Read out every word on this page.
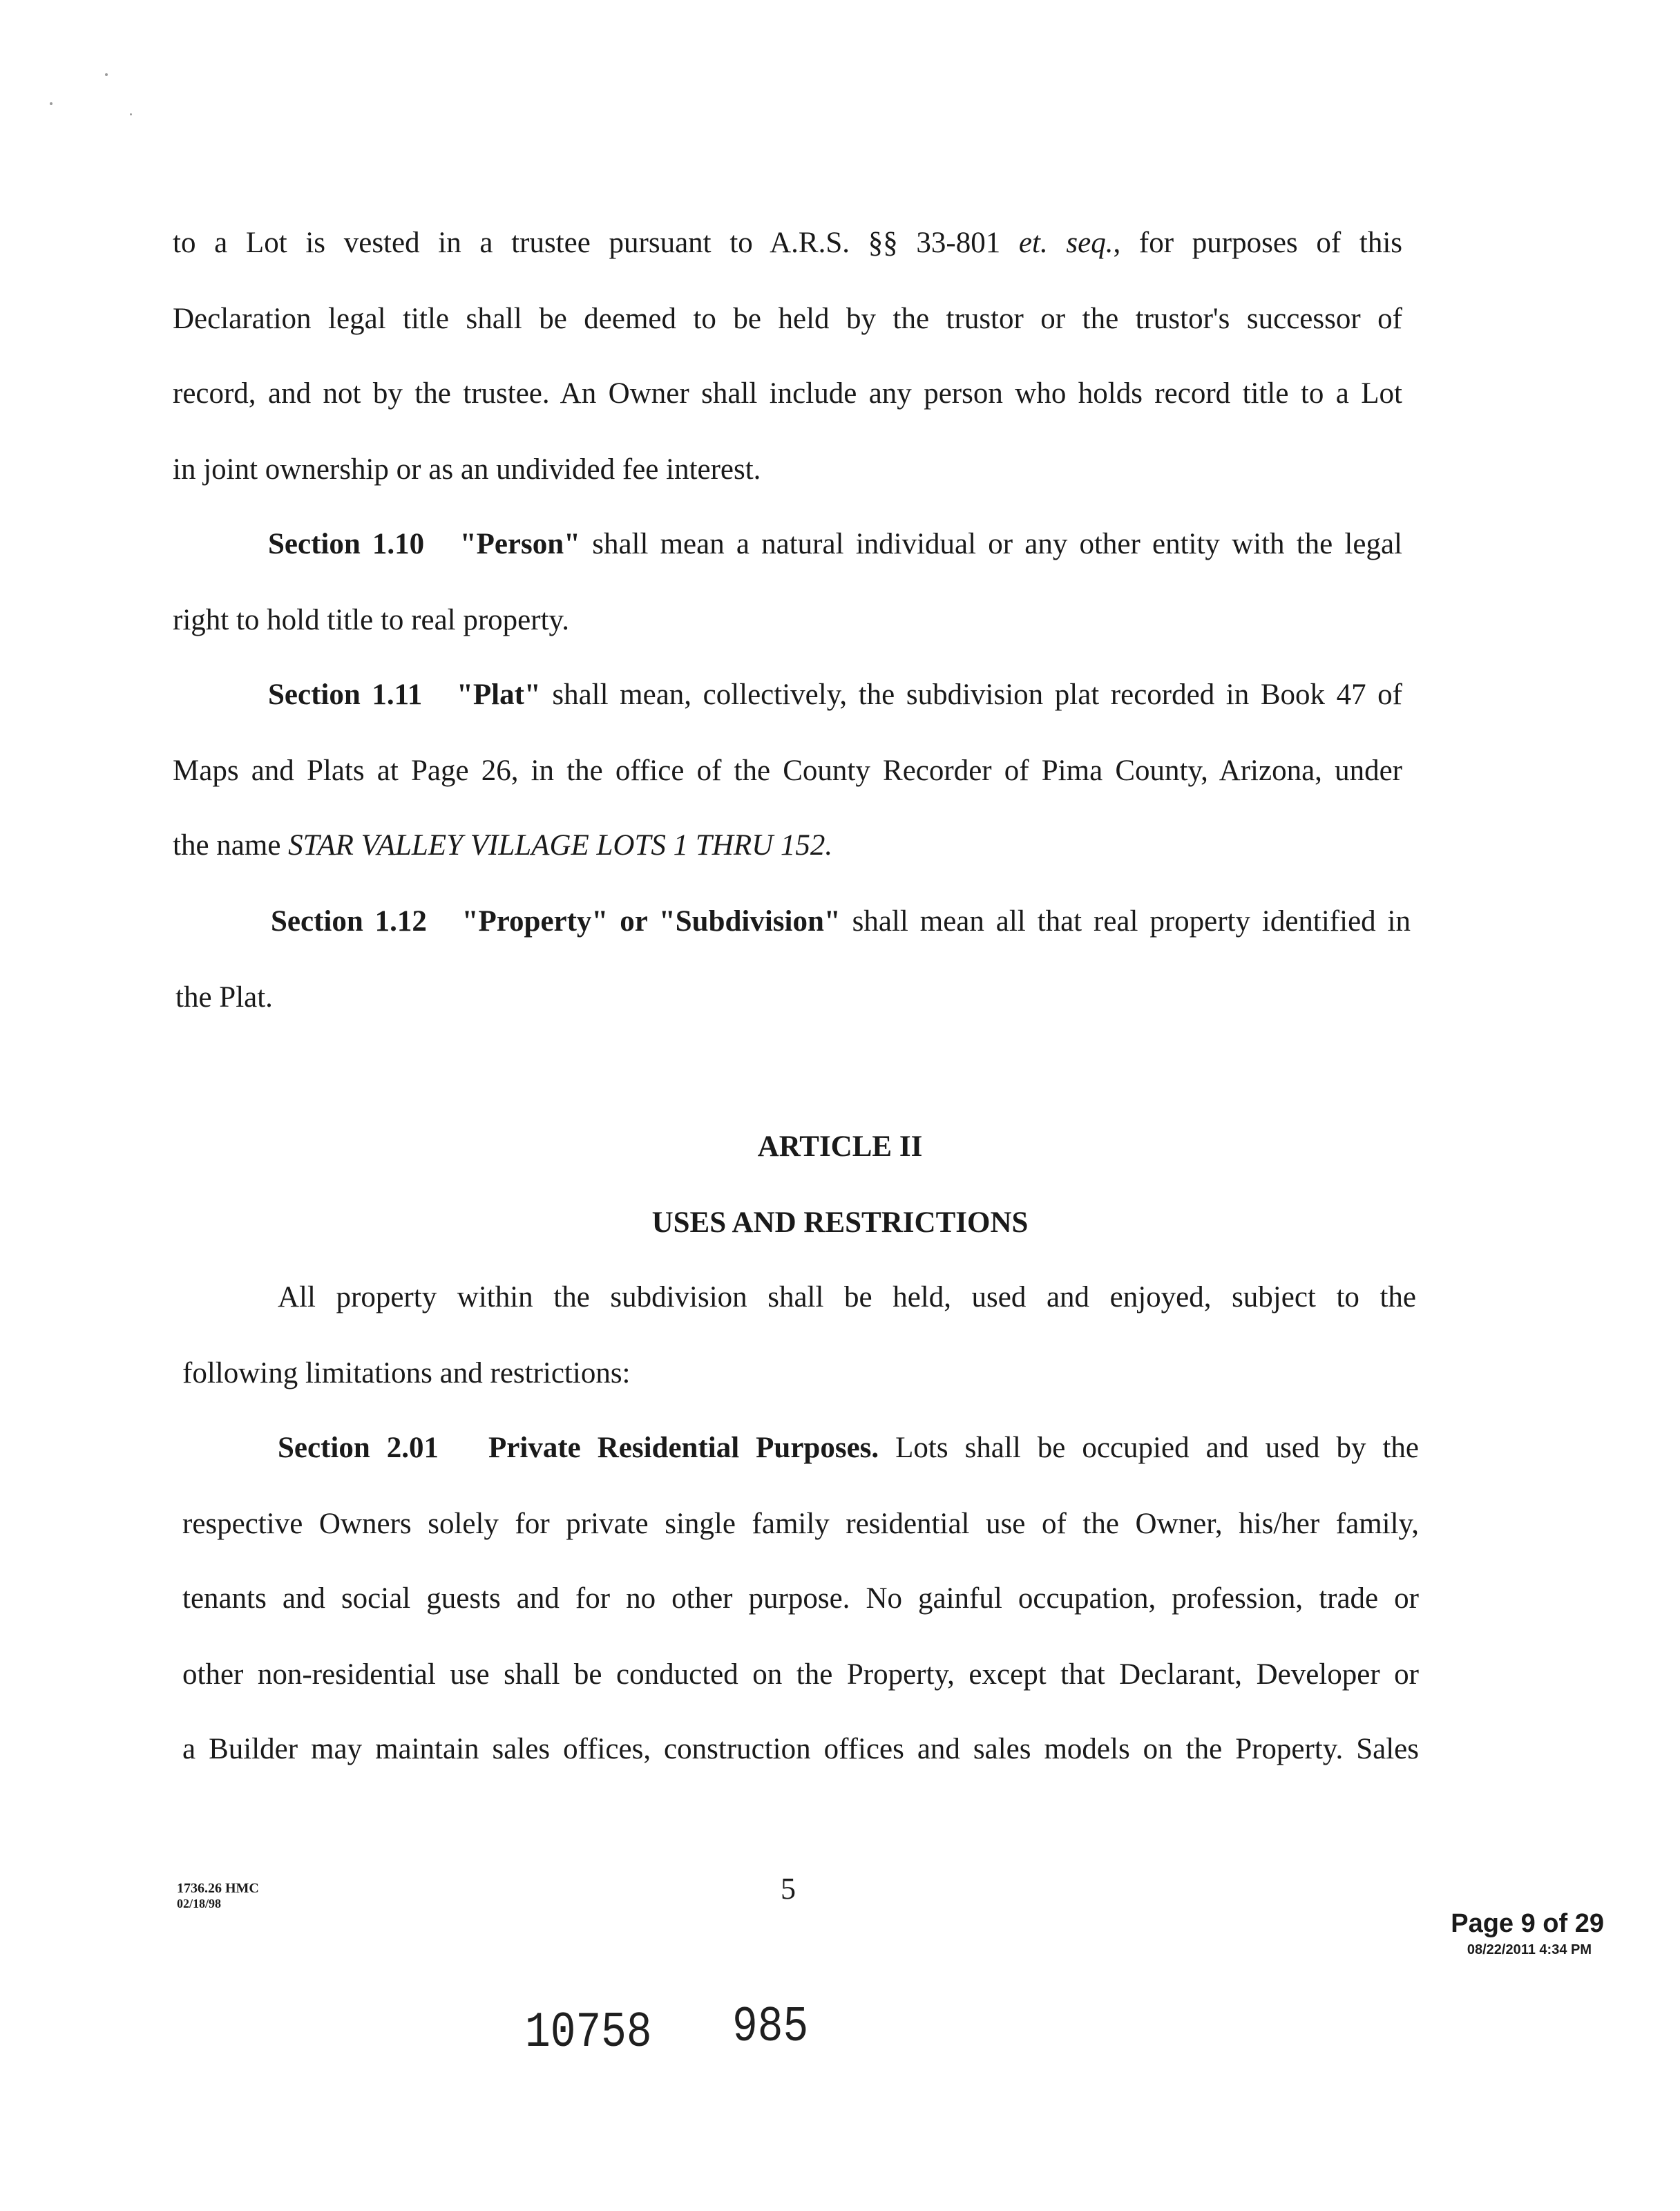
to a Lot is vested in a trustee pursuant to A.R.S. §§ 33-801 et. seq., for purposes of this
Declaration legal title shall be deemed to be held by the trustor or the trustor's successor of
record, and not by the trustee. An Owner shall include any person who holds record title to a Lot
in joint ownership or as an undivided fee interest.
Section 1.10 "Person" shall mean a natural individual or any other entity with the legal
right to hold title to real property.
Section 1.11 "Plat" shall mean, collectively, the subdivision plat recorded in Book 47 of
Maps and Plats at Page 26, in the office of the County Recorder of Pima County, Arizona, under
the name STAR VALLEY VILLAGE LOTS 1 THRU 152.
Section 1.12 "Property" or "Subdivision" shall mean all that real property identified in
the Plat.
ARTICLE II
USES AND RESTRICTIONS
All property within the subdivision shall be held, used and enjoyed, subject to the
following limitations and restrictions:
Section 2.01 Private Residential Purposes. Lots shall be occupied and used by the
respective Owners solely for private single family residential use of the Owner, his/her family,
tenants and social guests and for no other purpose. No gainful occupation, profession, trade or
other non-residential use shall be conducted on the Property, except that Declarant, Developer or
a Builder may maintain sales offices, construction offices and sales models on the Property. Sales
1736.26 HMC
02/18/98	5
Page 9 of 29
08/22/2011 4:34 PM
10758 985
